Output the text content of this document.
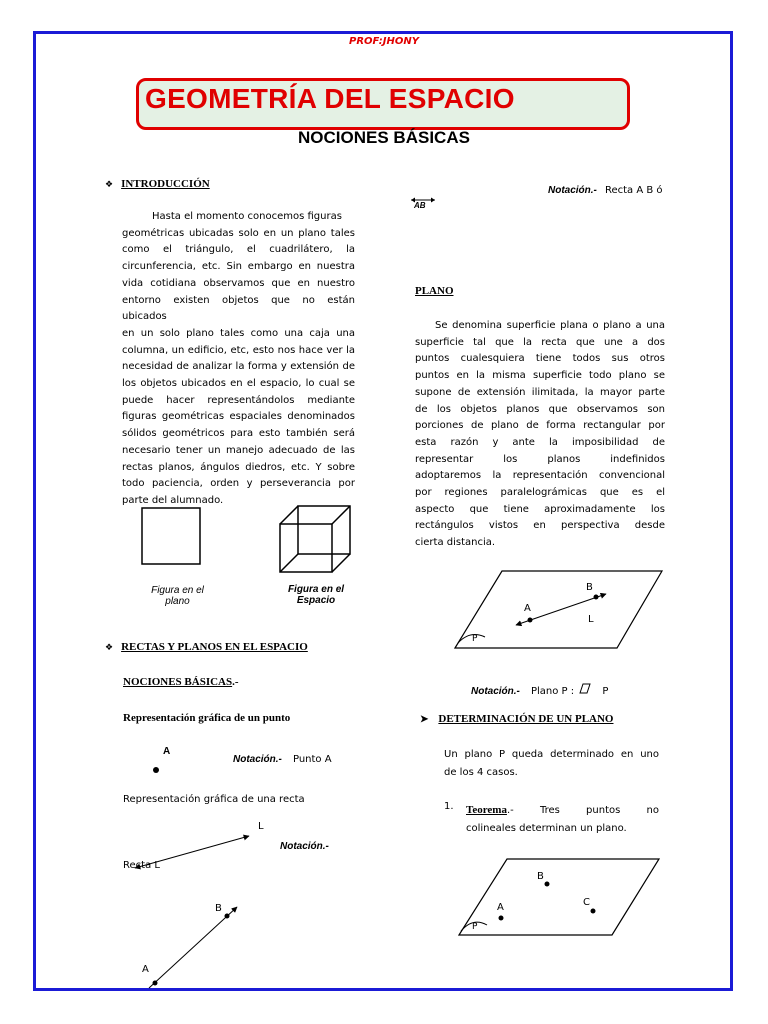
PROF:JHONY
GEOMETRÍA DEL ESPACIO
NOCIONES BÁSICAS
❖ INTRODUCCIÓN
Hasta el momento conocemos figuras
geométricas ubicadas solo en un plano tales
como el triángulo, el cuadrilátero, la
circunferencia, etc. Sin embargo en nuestra
vida cotidiana observamos que en nuestro
entorno existen objetos que no están ubicados
en un solo plano tales como una caja una
columna, un edificio, etc, esto nos hace ver la
necesidad de analizar la forma y extensión de
los objetos ubicados en el espacio, lo cual se
puede hacer representándolos mediante
figuras geométricas espaciales denominados
sólidos geométricos para esto también será
necesario tener un manejo adecuado de las
rectas planos, ángulos diedros, etc. Y sobre
todo paciencia, orden y perseverancia por
parte del alumnado.
Figura en el
plano
Figura en el
Espacio
❖ RECTAS Y PLANOS EN EL ESPACIO
NOCIONES BÁSICAS.-
Representación gráfica de un punto
A
Notación.- Punto A
Representación gráfica de una recta
L
Notación.-
Recta L
B
A
Notación.- Recta A B ó
AB
PLANO
Se denomina superficie plana o plano a una
superficie tal que la recta que une a dos
puntos cualesquiera tiene todos sus otros
puntos en la misma superficie todo plano se
supone de extensión ilimitada, la mayor parte
de los objetos planos que observamos son
porciones de plano de forma rectangular por
esta razón y ante la imposibilidad de
representar los planos indefinidos
adoptaremos la representación convencional
por regiones paralelográmicas que es el
aspecto que tiene aproximadamente los
rectángulos vistos en perspectiva desde
cierta distancia.
B
A
L
P
Notación.- Plano P :	P
➤ DETERMINACIÓN DE UN PLANO
Un plano P queda determinado en uno
de los 4 casos.
1. Teorema.- Tres puntos no
colineales determinan un plano.
B
A	C
P
